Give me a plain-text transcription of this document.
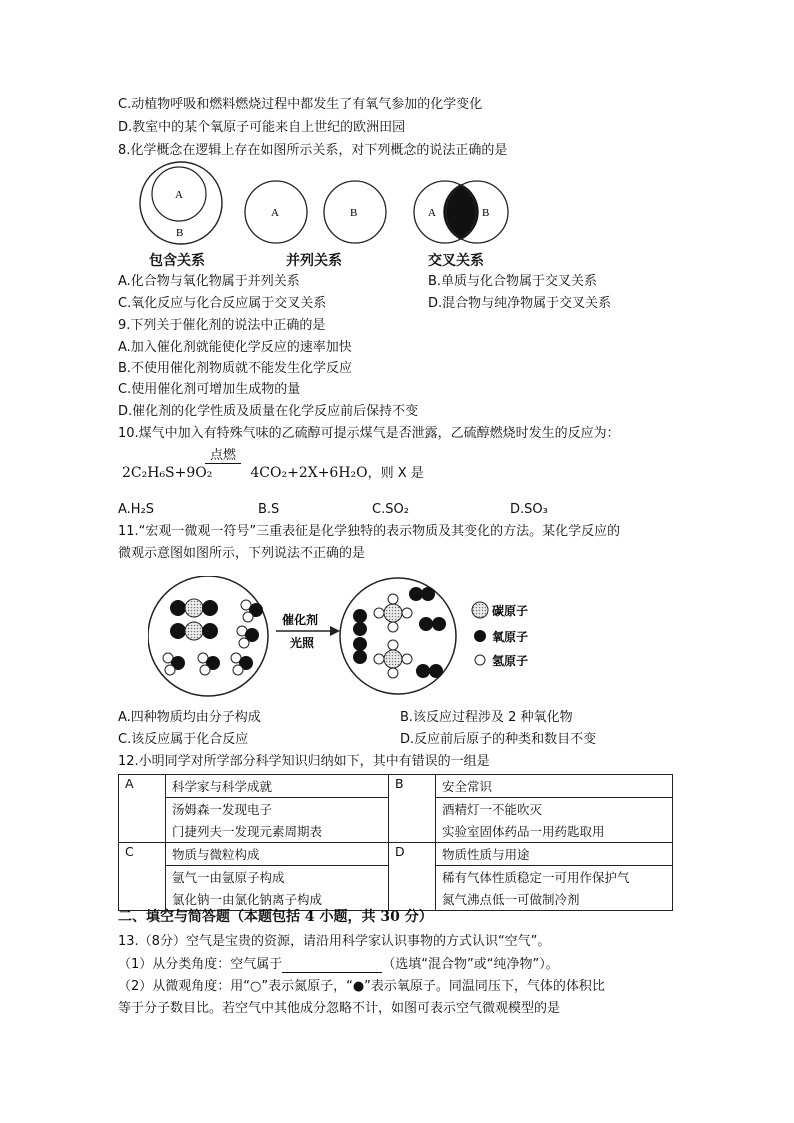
C.动植物呼吸和燃料燃烧过程中都发生了有氧气参加的化学变化
D.教室中的某个氧原子可能来自上世纪的欧洲田园
8.化学概念在逻辑上存在如图所示关系，对下列概念的说法正确的是
A
B
A	B	A	B
包含关系	并列关系	交叉关系
A.化合物与氧化物属于并列关系	B.单质与化合物属于交叉关系
C.氧化反应与化合反应属于交叉关系	D.混合物与纯净物属于交叉关系
9.下列关于催化剂的说法中正确的是
A.加入催化剂就能使化学反应的速率加快
B.不使用催化剂物质就不能发生化学反应
C.使用催化剂可增加生成物的量
D.催化剂的化学性质及质量在化学反应前后保持不变
10.煤气中加入有特殊气味的乙硫醇可提示煤气是否泄露，乙硫醇燃烧时发生的反应为：
点燃
2C₂H₆S+9O₂	4CO₂+2X+6H₂O，则 X 是
A.H₂S	B.S	C.SO₂	D.SO₃
11.“宏观一微观一符号”三重表征是化学独特的表示物质及其变化的方法。某化学反应的
微观示意图如图所示，下列说法不正确的是
催化剂
光照
碳原子
氧原子
氢原子
A.四种物质均由分子构成	B.该反应过程涉及 2 种氧化物
C.该反应属于化合反应	D.反应前后原子的种类和数目不变
12.小明同学对所学部分科学知识归纳如下，其中有错误的一组是
A	科学家与科学成就	B	安全常识
	汤姆森一发现电子		酒精灯一不能吹灭
	门捷列夫一发现元素周期表		实验室固体药品一用药匙取用
C	物质与微粒构成	D	物质性质与用途
	氩气一由氩原子构成		稀有气体性质稳定一可用作保护气
	氯化钠一由氯化钠离子构成		氮气沸点低一可做制冷剂
二、填空与简答题（本题包括 4 小题，共 30 分）
13.（8分）空气是宝贵的资源，请沿用科学家认识事物的方式认识“空气”。
（1）从分类角度：空气属于	（选填“混合物”或“纯净物”）。
（2）从微观角度：用“○”表示氮原子，“●”表示氧原子。同温同压下，气体的体积比
等于分子数目比。若空气中其他成分忽略不计，如图可表示空气微观模型的是
